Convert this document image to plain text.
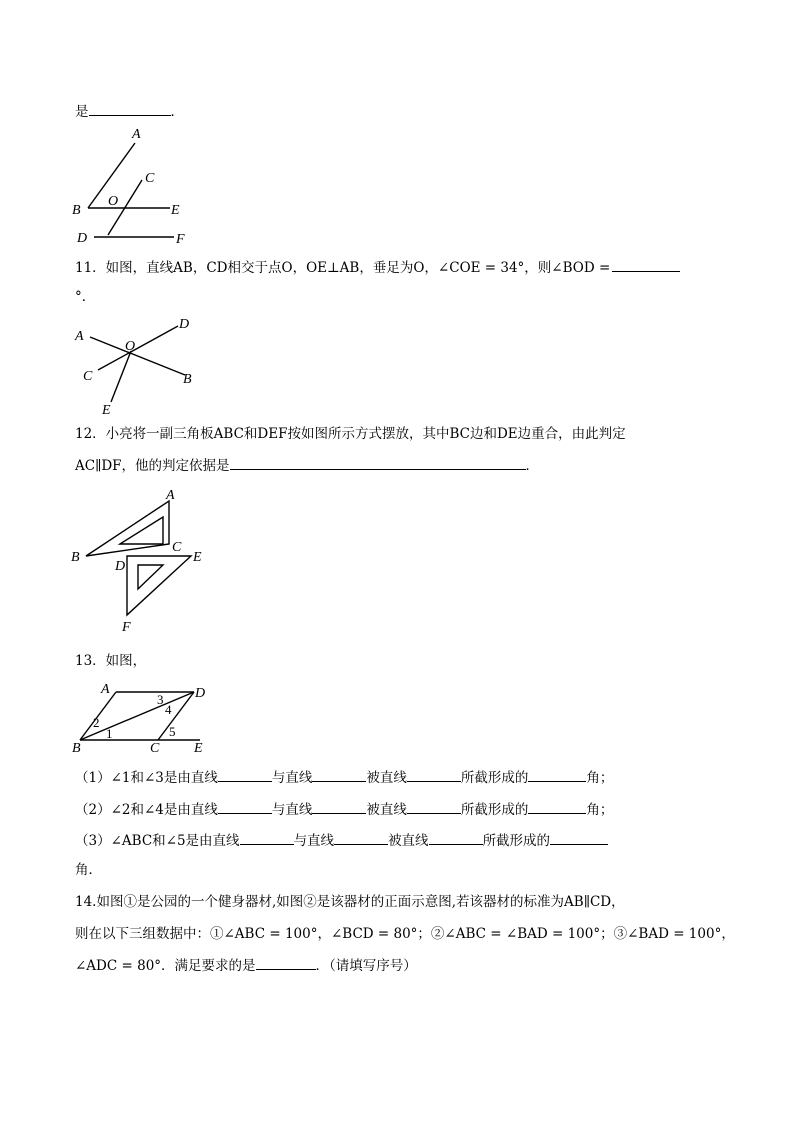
是	．
A
C
O
B	E
D	F
11．如图，直线AB，CD相交于点O，OE⊥AB，垂足为O，∠COE = 34°，则∠BOD =
°．
A
D
O
C	B
E
12．小亮将一副三角板ABC和DEF按如图所示方式摆放，其中BC边和DE边重合，由此判定
AC∥DF，他的判定依据是	．
A
B
C
E
D
F
13．如图，
A	D
B	C E
1
2
3
4
5
（1）∠1和∠3是由直线	与直线	被直线	所截形成的	角；
（2）∠2和∠4是由直线	与直线	被直线	所截形成的	角；
（3）∠ABC和∠5是由直线	与直线	被直线	所截形成的
角．
14.如图①是公园的一个健身器材,如图②是该器材的正面示意图,若该器材的标准为AB∥CD，
则在以下三组数据中：①∠ABC = 100°，∠BCD = 80°；②∠ABC = ∠BAD = 100°；③∠BAD = 100°，
∠ADC = 80°．满足要求的是	．（请填写序号）
